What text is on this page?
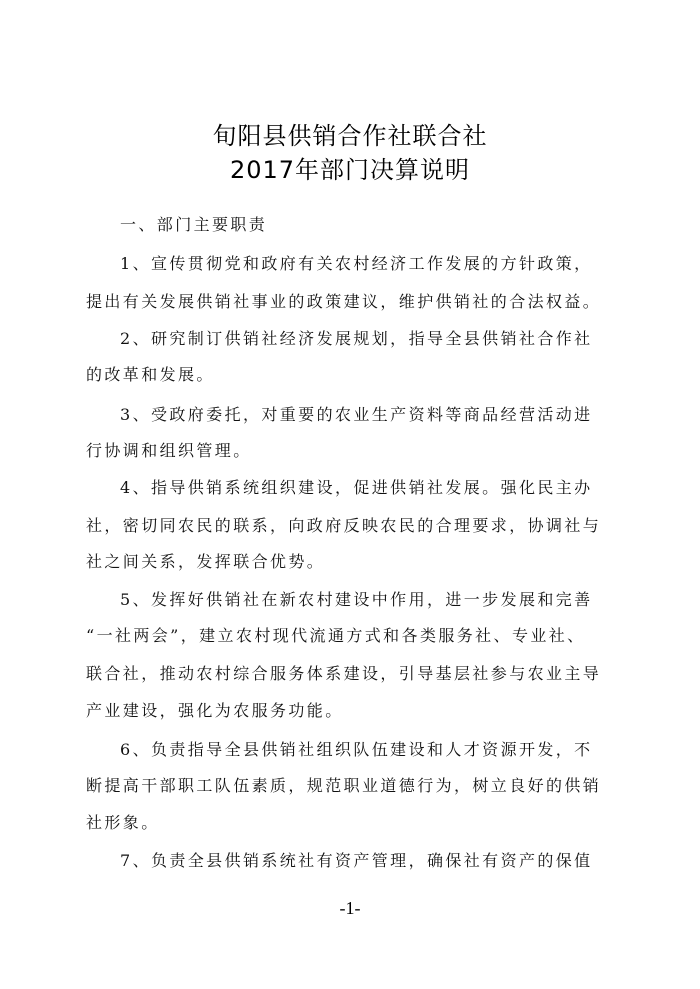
旬阳县供销合作社联合社
2017年部门决算说明
一、部门主要职责
1、宣传贯彻党和政府有关农村经济工作发展的方针政策，
提出有关发展供销社事业的政策建议，维护供销社的合法权益。
2、研究制订供销社经济发展规划，指导全县供销社合作社
的改革和发展。
3、受政府委托，对重要的农业生产资料等商品经营活动进
行协调和组织管理。
4、指导供销系统组织建设，促进供销社发展。强化民主办
社，密切同农民的联系，向政府反映农民的合理要求，协调社与
社之间关系，发挥联合优势。
5、发挥好供销社在新农村建设中作用，进一步发展和完善
“一社两会”，建立农村现代流通方式和各类服务社、专业社、
联合社，推动农村综合服务体系建设，引导基层社参与农业主导
产业建设，强化为农服务功能。
6、负责指导全县供销社组织队伍建设和人才资源开发，不
断提高干部职工队伍素质，规范职业道德行为，树立良好的供销
社形象。
7、负责全县供销系统社有资产管理，确保社有资产的保值
-1-
